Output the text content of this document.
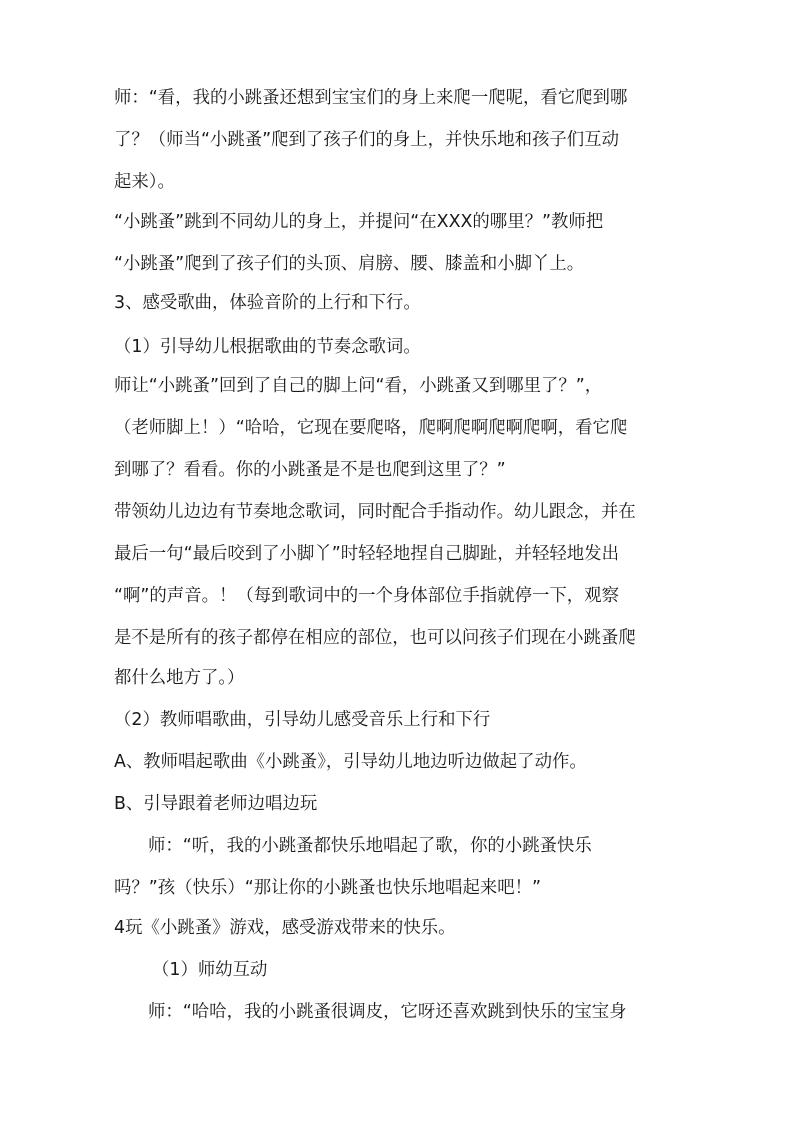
师：“看，我的小跳蚤还想到宝宝们的身上来爬一爬呢，看它爬到哪
了？（师当“小跳蚤”爬到了孩子们的身上，并快乐地和孩子们互动
起来）。
“小跳蚤”跳到不同幼儿的身上，并提问“在XXX的哪里？”教师把
“小跳蚤”爬到了孩子们的头顶、肩膀、腰、膝盖和小脚丫上。
3、感受歌曲，体验音阶的上行和下行。
（1）引导幼儿根据歌曲的节奏念歌词。
师让“小跳蚤”回到了自己的脚上问“看，小跳蚤又到哪里了？”，
（老师脚上！）“哈哈，它现在要爬咯，爬啊爬啊爬啊爬啊，看它爬
到哪了？看看。你的小跳蚤是不是也爬到这里了？”
带领幼儿边边有节奏地念歌词，同时配合手指动作。幼儿跟念，并在
最后一句“最后咬到了小脚丫”时轻轻地捏自己脚趾，并轻轻地发出
“啊”的声音。！（每到歌词中的一个身体部位手指就停一下，观察
是不是所有的孩子都停在相应的部位，也可以问孩子们现在小跳蚤爬
都什么地方了。）
（2）教师唱歌曲，引导幼儿感受音乐上行和下行
A、教师唱起歌曲《小跳蚤》，引导幼儿地边听边做起了动作。
B、引导跟着老师边唱边玩
师：“听，我的小跳蚤都快乐地唱起了歌，你的小跳蚤快乐
吗？”孩（快乐）“那让你的小跳蚤也快乐地唱起来吧！”
4玩《小跳蚤》游戏，感受游戏带来的快乐。
（1）师幼互动
师：“哈哈，我的小跳蚤很调皮，它呀还喜欢跳到快乐的宝宝身
